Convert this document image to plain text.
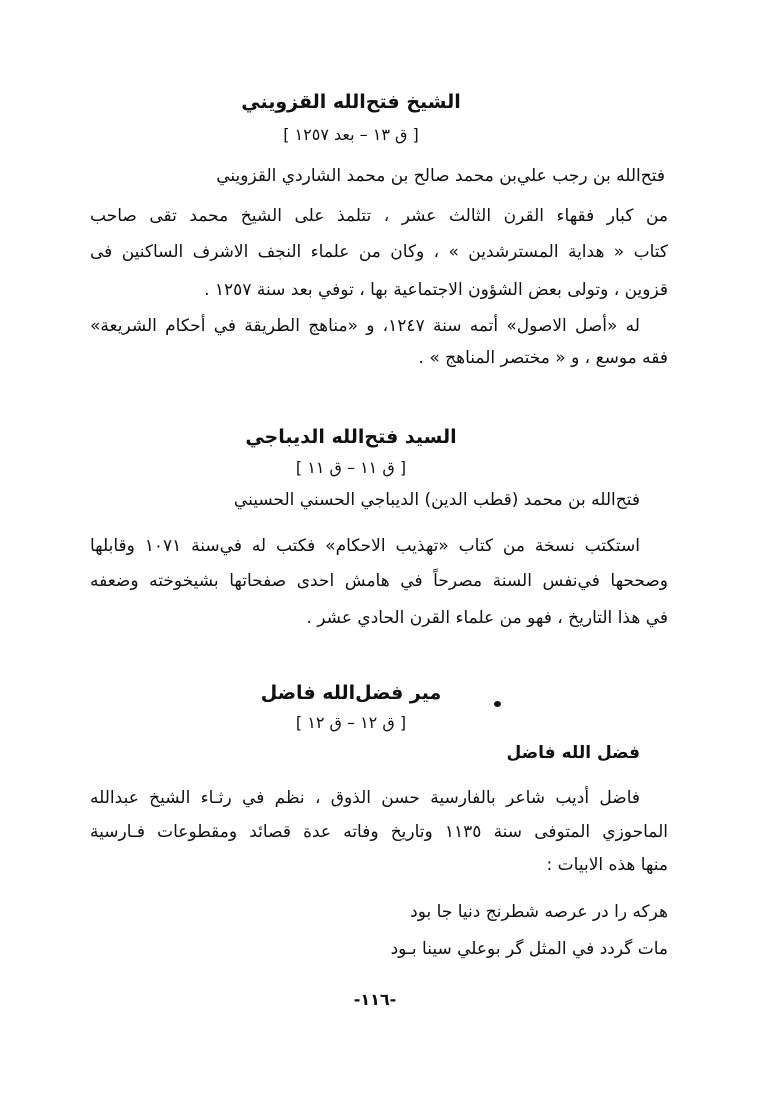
الشيخ فتح‌الله القزويني
[ ق ١٣ – بعد ١٢٥٧ ]
فتح‌الله بن رجب علي‌بن محمد صالح بن محمد الشاردي القزويني
من كبار فقهاء القرن الثالث عشر ، تتلمذ على الشيخ محمد تقى صاحب
كتاب « هداية المسترشدين » ، وكان من علماء النجف الاشرف الساكنين فى
قزوين ، وتولى بعض الشؤون الاجتماعية بها ، توفي بعد سنة ١٢٥٧ .
له «أصل الاصول» أتمه سنة ١٢٤٧، و «مناهج الطريقة في أحكام الشريعة»
فقه موسع ، و « مختصر المناهج » .
السيد فتح‌الله الديباجي
[ ق ١١ – ق ١١ ]
فتح‌الله بن محمد (قطب الدين) الديباجي الحسني الحسيني
استكتب نسخة من كتاب «تهذيب الاحكام» فكتب له في‌سنة ١٠٧١ وقابلها
وصححها في‌نفس السنة مصرحاً في هامش احدى صفحاتها بشيخوخته وضعفه
في هذا التاريخ ، فهو من علماء القرن الحادي عشر .
مير فضل‌الله فاضل
[ ق ١٢ – ق ١٢ ]
فضل الله فاضل
فاضل أديب شاعر بالفارسية حسن الذوق ، نظم في رثـاء الشيخ عبدالله
الماحوزي المتوفى سنة ١١٣٥ وتاريخ وفاته عدة قصائد ومقطوعات فـارسية
منها هذه الابيات :
هركه را در عرصه شطرنج دنيا جا بود
مات گردد في المثل گر بوعلي سينا بـود
-١١٦-
